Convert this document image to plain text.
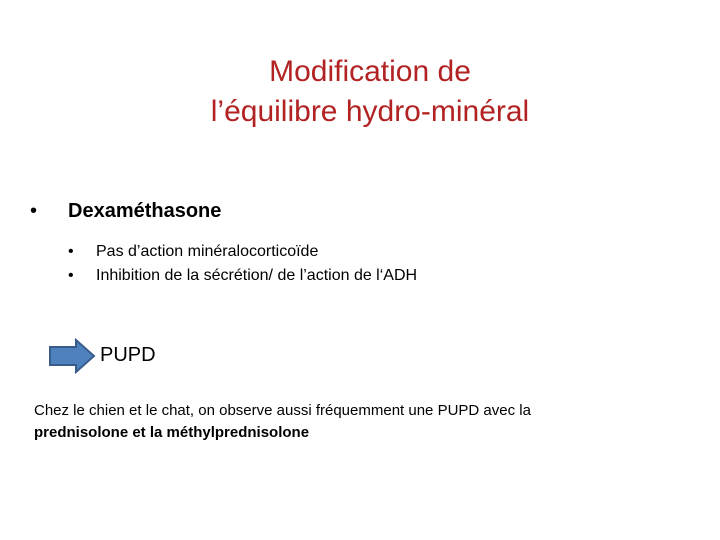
Modification de
l’équilibre hydro-minéral
•	Dexaméthasone
•	Pas d’action minéralocorticoïde
•	Inhibition de la sécrétion/ de l’action de l‘ADH
PUPD
Chez le chien et le chat, on observe aussi fréquemment une PUPD avec la
prednisolone et la méthylprednisolone
